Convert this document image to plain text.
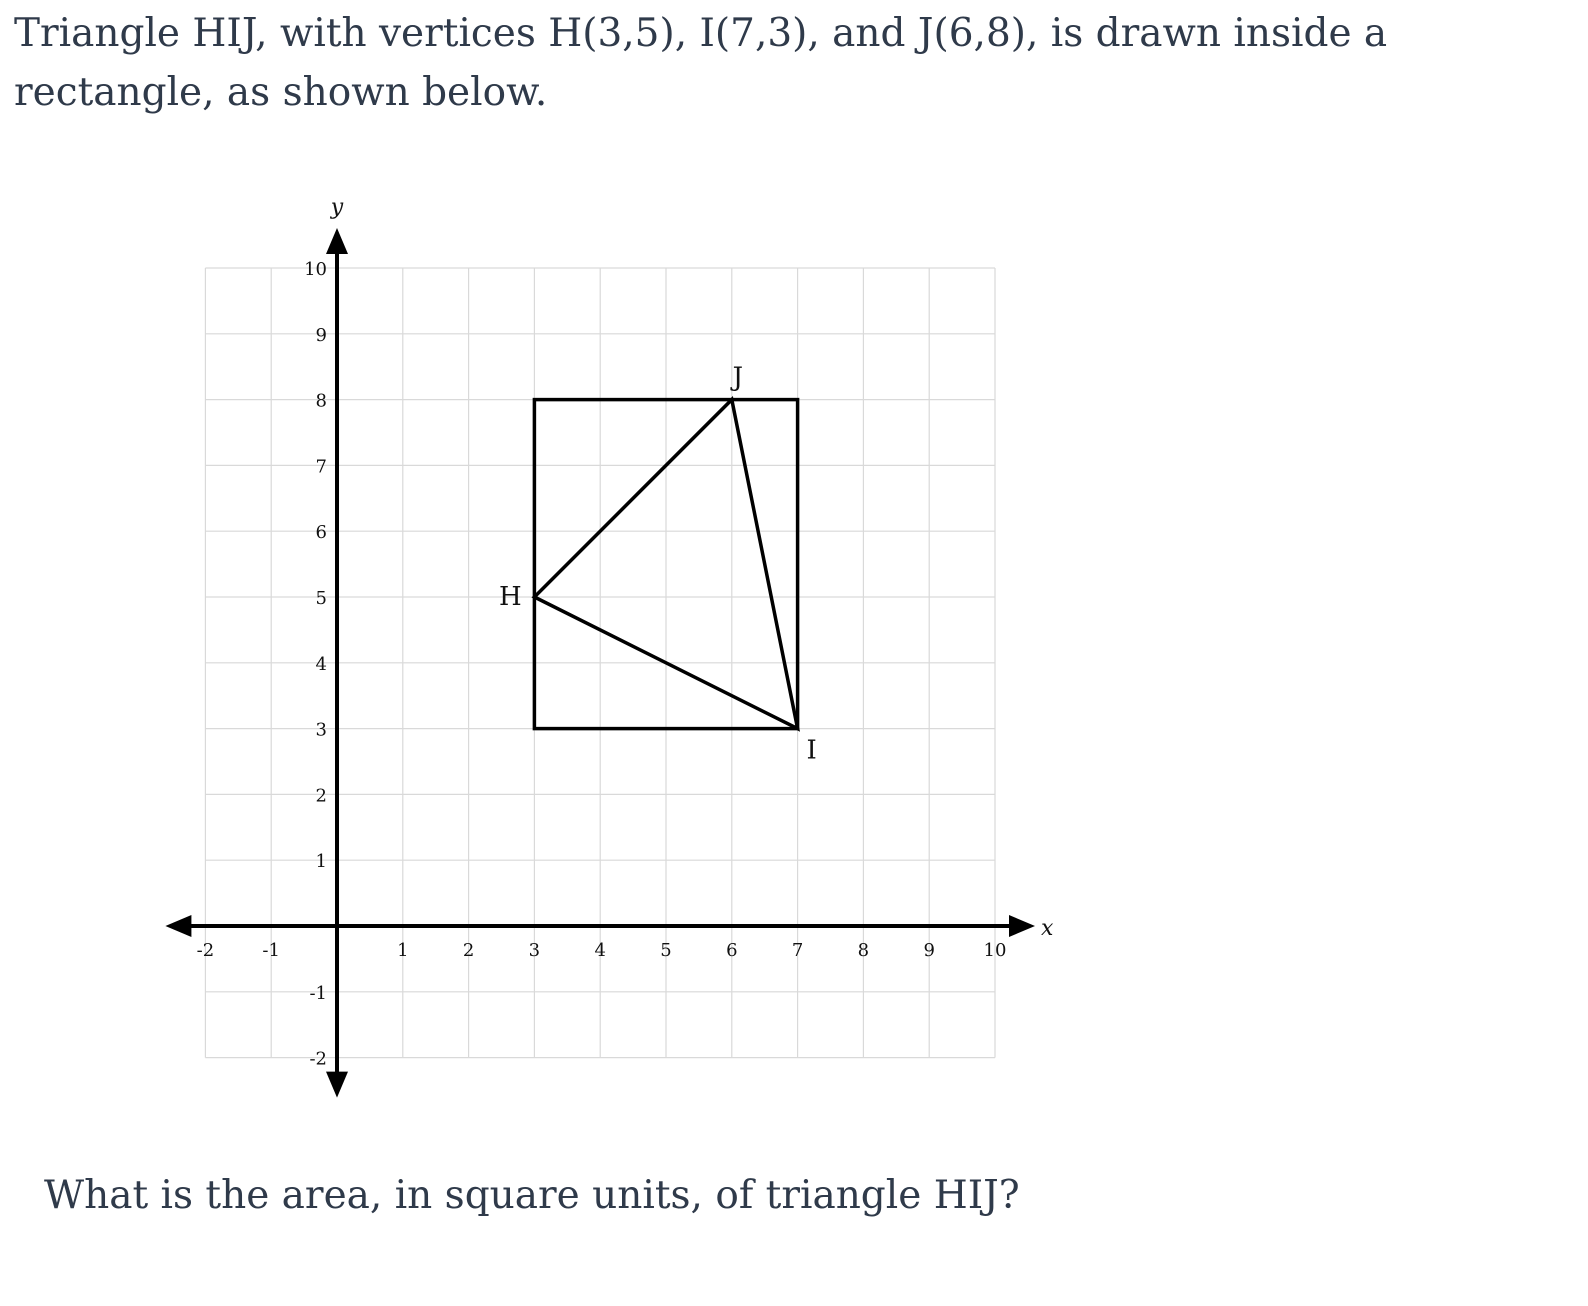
Triangle HIJ, with vertices H(3,5), I(7,3), and J(6,8), is drawn inside a rectangle, as shown below.

-2	-1	1	2	3	4	5	6	7	8	9	10
10
9
8
7
6
5
4
3
2
1
-1
-2
x
y
H
I
J

What is the area, in square units, of triangle HIJ?
